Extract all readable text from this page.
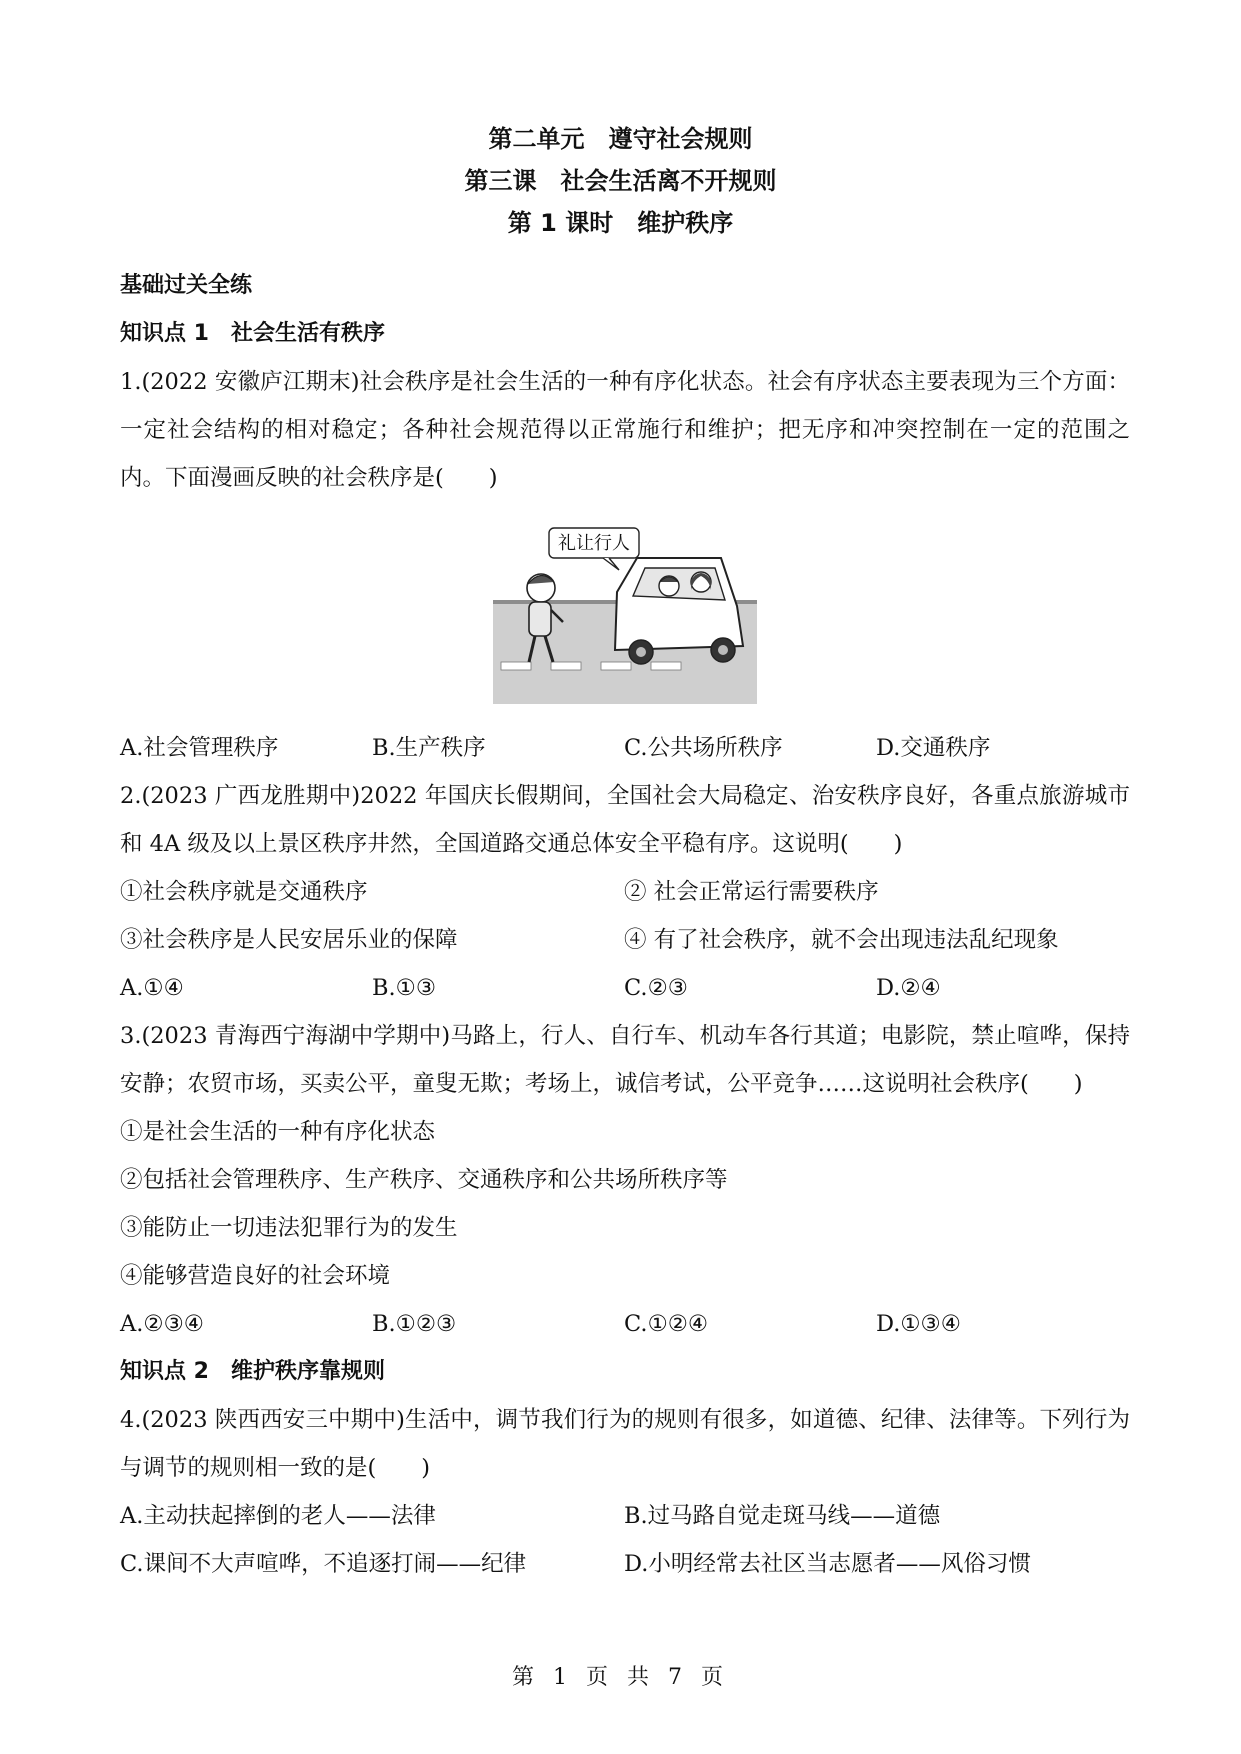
第二单元　遵守社会规则
第三课　社会生活离不开规则
第 1 课时　维护秩序
基础过关全练
知识点 1　社会生活有秩序
1.(2022 安徽庐江期末)社会秩序是社会生活的一种有序化状态。社会有序状态主要表现为三个方面：一定社会结构的相对稳定；各种社会规范得以正常施行和维护；把无序和冲突控制在一定的范围之内。下面漫画反映的社会秩序是(　　)
礼让行人
A.社会管理秩序	B.生产秩序	C.公共场所秩序	D.交通秩序
2.(2023 广西龙胜期中)2022 年国庆长假期间，全国社会大局稳定、治安秩序良好，各重点旅游城市和 4A 级及以上景区秩序井然，全国道路交通总体安全平稳有序。这说明(　　)
①社会秩序就是交通秩序	② 社会正常运行需要秩序
③社会秩序是人民安居乐业的保障	④ 有了社会秩序，就不会出现违法乱纪现象
A.①④	B.①③	C.②③	D.②④
3.(2023 青海西宁海湖中学期中)马路上，行人、自行车、机动车各行其道；电影院，禁止喧哗，保持安静；农贸市场，买卖公平，童叟无欺；考场上，诚信考试，公平竞争……这说明社会秩序(　　)
①是社会生活的一种有序化状态
②包括社会管理秩序、生产秩序、交通秩序和公共场所秩序等
③能防止一切违法犯罪行为的发生
④能够营造良好的社会环境
A.②③④	B.①②③	C.①②④	D.①③④
知识点 2　维护秩序靠规则
4.(2023 陕西西安三中期中)生活中，调节我们行为的规则有很多，如道德、纪律、法律等。下列行为与调节的规则相一致的是(　　)
A.主动扶起摔倒的老人——法律	B.过马路自觉走斑马线——道德
C.课间不大声喧哗，不追逐打闹——纪律	D.小明经常去社区当志愿者——风俗习惯
第 1 页 共 7 页
